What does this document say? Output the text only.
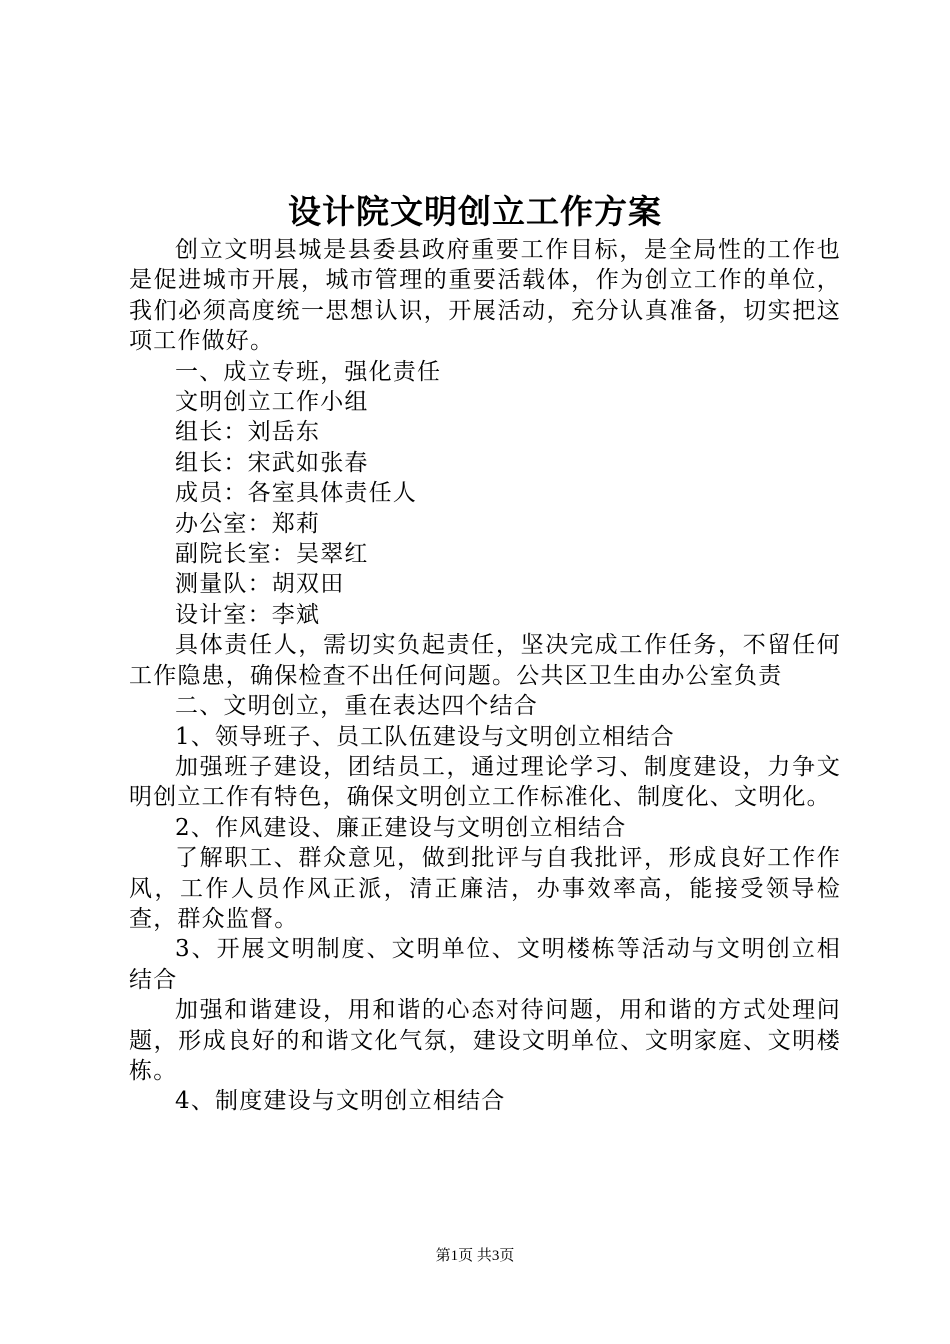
设计院文明创立工作方案

创立文明县城是县委县政府重要工作目标，是全局性的工作也是促进城市开展，城市管理的重要活载体，作为创立工作的单位，我们必须高度统一思想认识，开展活动，充分认真准备，切实把这项工作做好。

一、成立专班，强化责任

文明创立工作小组

组长：刘岳东

组长：宋武如张春

成员：各室具体责任人

办公室：郑莉

副院长室：吴翠红

测量队：胡双田

设计室：李斌

具体责任人，需切实负起责任，坚决完成工作任务，不留任何工作隐患，确保检查不出任何问题。公共区卫生由办公室负责

二、文明创立，重在表达四个结合

1、领导班子、员工队伍建设与文明创立相结合

加强班子建设，团结员工，通过理论学习、制度建设，力争文明创立工作有特色，确保文明创立工作标准化、制度化、文明化。

2、作风建设、廉正建设与文明创立相结合

了解职工、群众意见，做到批评与自我批评，形成良好工作作风，工作人员作风正派，清正廉洁，办事效率高，能接受领导检查，群众监督。

3、开展文明制度、文明单位、文明楼栋等活动与文明创立相结合

加强和谐建设，用和谐的心态对待问题，用和谐的方式处理问题，形成良好的和谐文化气氛，建设文明单位、文明家庭、文明楼栋。

4、制度建设与文明创立相结合

第1页 共3页
